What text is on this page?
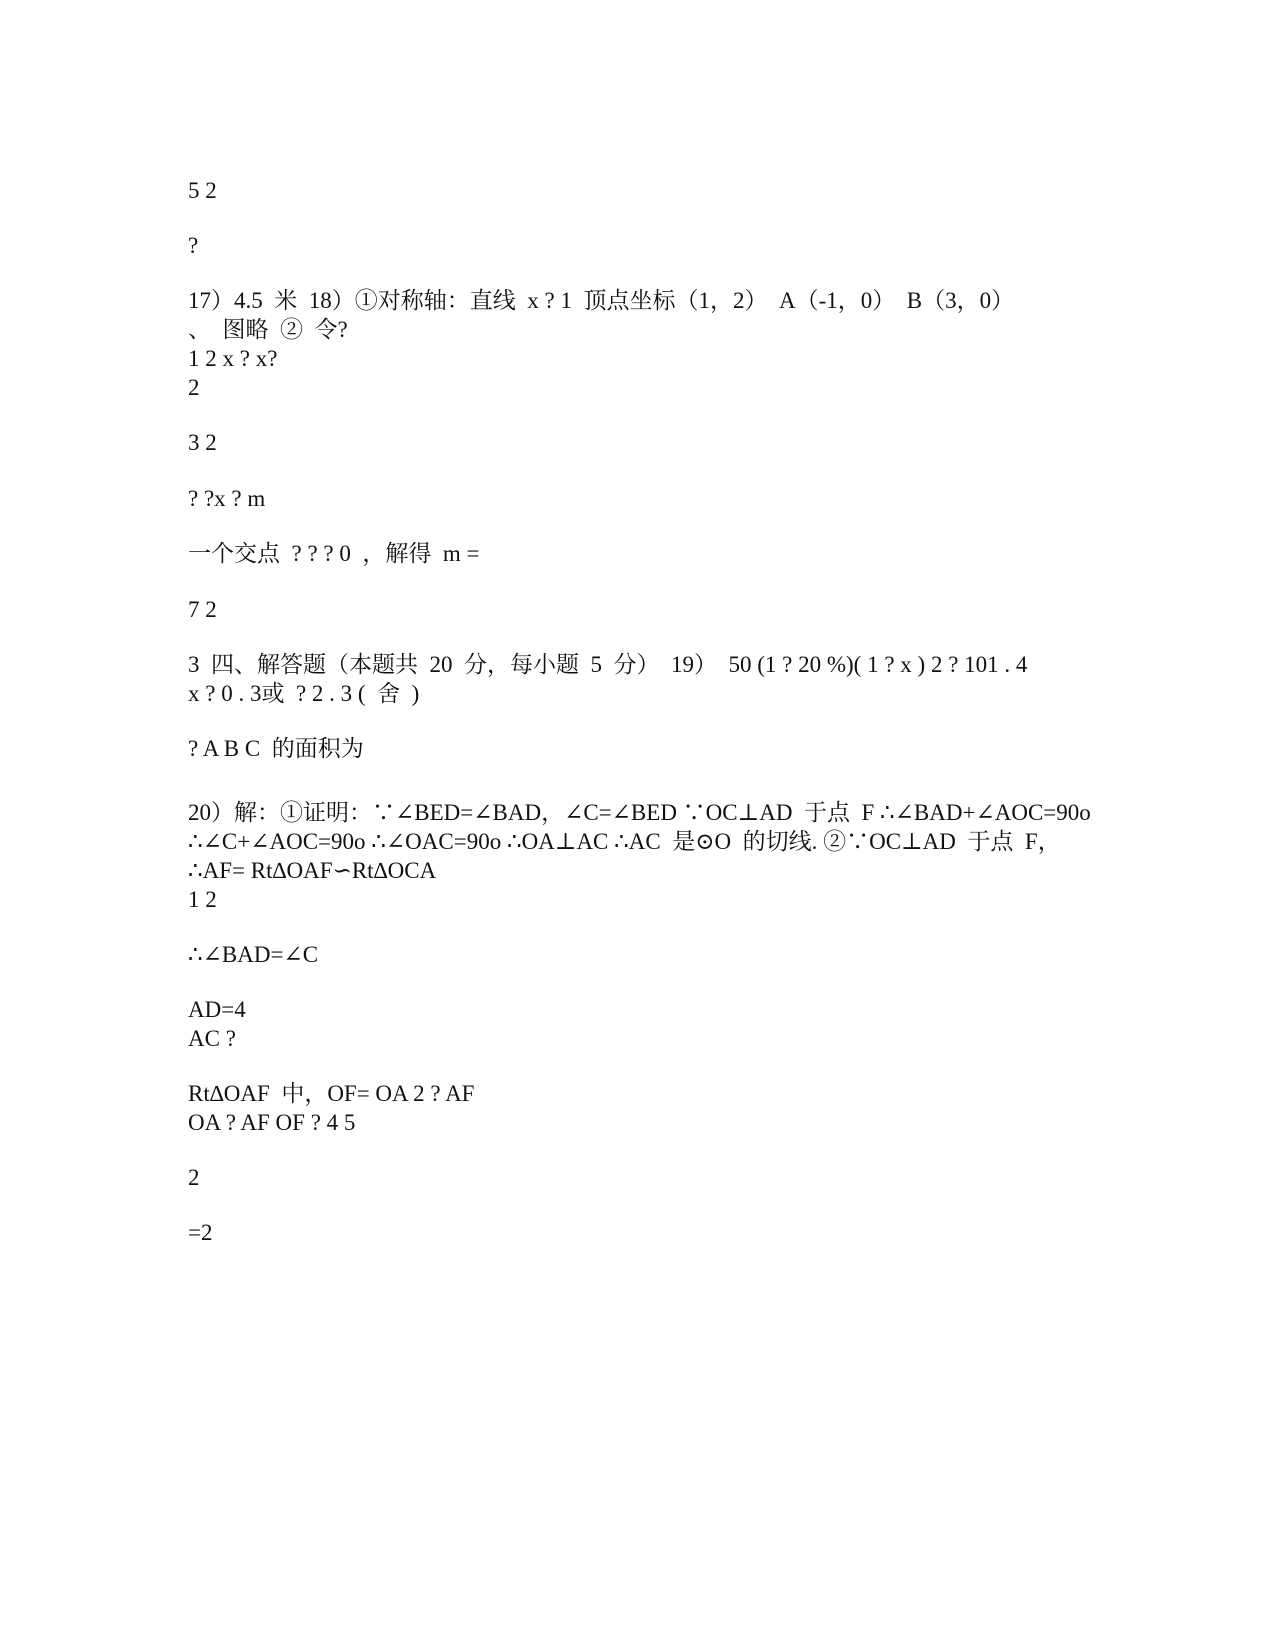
5 2
?
17）4.5  米  18）①对称轴：直线  x ? 1  顶点坐标（1，2）  A（-1，0）  B（3，0）
、  图略  ②  令?
1 2 x ? x?
2
3 2
? ?x ? m
一个交点  ? ? ? 0  ，解得  m =
7 2
3  四、解答题（本题共  20  分，每小题  5  分）  19）  50 (1 ? 20 %)( 1 ? x ) 2 ? 101 . 4
x ? 0 . 3或  ? 2 . 3 (  舍  )
? A B C  的面积为
20）解：①证明：∵∠BED=∠BAD，∠C=∠BED ∵OC⊥AD  于点  F ∴∠BAD+∠AOC=90o
∴∠C+∠AOC=90o ∴∠OAC=90o ∴OA⊥AC ∴AC  是⊙O  的切线. ②∵OC⊥AD  于点  F，
∴AF= Rt∆OAF∽Rt∆OCA
1 2
∴∠BAD=∠C
AD=4
AC ?
Rt∆OAF  中，OF= OA 2 ? AF
OA ? AF OF ? 4 5
2
=2
